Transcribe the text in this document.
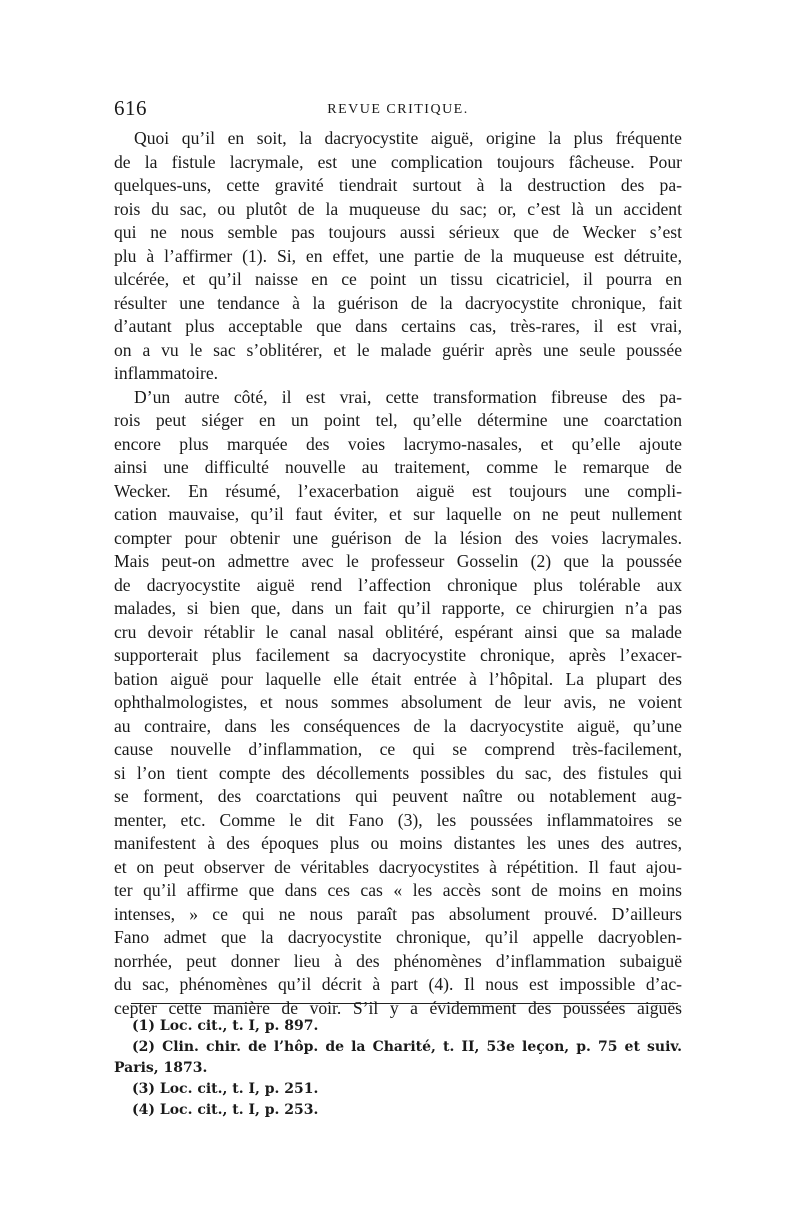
616	REVUE CRITIQUE.
Quoi qu’il en soit, la dacryocystite aiguë, origine la plus fréquente
de la fistule lacrymale, est une complication toujours fâcheuse. Pour
quelques-uns, cette gravité tiendrait surtout à la destruction des pa-
rois du sac, ou plutôt de la muqueuse du sac; or, c’est là un accident
qui ne nous semble pas toujours aussi sérieux que de Wecker s’est
plu à l’affirmer (1). Si, en effet, une partie de la muqueuse est détruite,
ulcérée, et qu’il naisse en ce point un tissu cicatriciel, il pourra en
résulter une tendance à la guérison de la dacryocystite chronique, fait
d’autant plus acceptable que dans certains cas, très-rares, il est vrai,
on a vu le sac s’oblitérer, et le malade guérir après une seule poussée
inflammatoire.
D’un autre côté, il est vrai, cette transformation fibreuse des pa-
rois peut siéger en un point tel, qu’elle détermine une coarctation
encore plus marquée des voies lacrymo-nasales, et qu’elle ajoute
ainsi une difficulté nouvelle au traitement, comme le remarque de
Wecker. En résumé, l’exacerbation aiguë est toujours une compli-
cation mauvaise, qu’il faut éviter, et sur laquelle on ne peut nullement
compter pour obtenir une guérison de la lésion des voies lacrymales.
Mais peut-on admettre avec le professeur Gosselin (2) que la poussée
de dacryocystite aiguë rend l’affection chronique plus tolérable aux
malades, si bien que, dans un fait qu’il rapporte, ce chirurgien n’a pas
cru devoir rétablir le canal nasal oblitéré, espérant ainsi que sa malade
supporterait plus facilement sa dacryocystite chronique, après l’exacer-
bation aiguë pour laquelle elle était entrée à l’hôpital. La plupart des
ophthalmologistes, et nous sommes absolument de leur avis, ne voient
au contraire, dans les conséquences de la dacryocystite aiguë, qu’une
cause nouvelle d’inflammation, ce qui se comprend très-facilement,
si l’on tient compte des décollements possibles du sac, des fistules qui
se forment, des coarctations qui peuvent naître ou notablement aug-
menter, etc. Comme le dit Fano (3), les poussées inflammatoires se
manifestent à des époques plus ou moins distantes les unes des autres,
et on peut observer de véritables dacryocystites à répétition. Il faut ajou-
ter qu’il affirme que dans ces cas « les accès sont de moins en moins
intenses, » ce qui ne nous paraît pas absolument prouvé. D’ailleurs
Fano admet que la dacryocystite chronique, qu’il appelle dacryoblen-
norrhée, peut donner lieu à des phénomènes d’inflammation subaiguë
du sac, phénomènes qu’il décrit à part (4). Il nous est impossible d’ac-
cepter cette manière de voir. S’il y a évidemment des poussées aiguës
(1) Loc. cit., t. I, p. 897.
(2) Clin. chir. de l’hôp. de la Charité, t. II, 53e leçon, p. 75 et suiv.
Paris, 1873.
(3) Loc. cit., t. I, p. 251.
(4) Loc. cit., t. I, p. 253.
